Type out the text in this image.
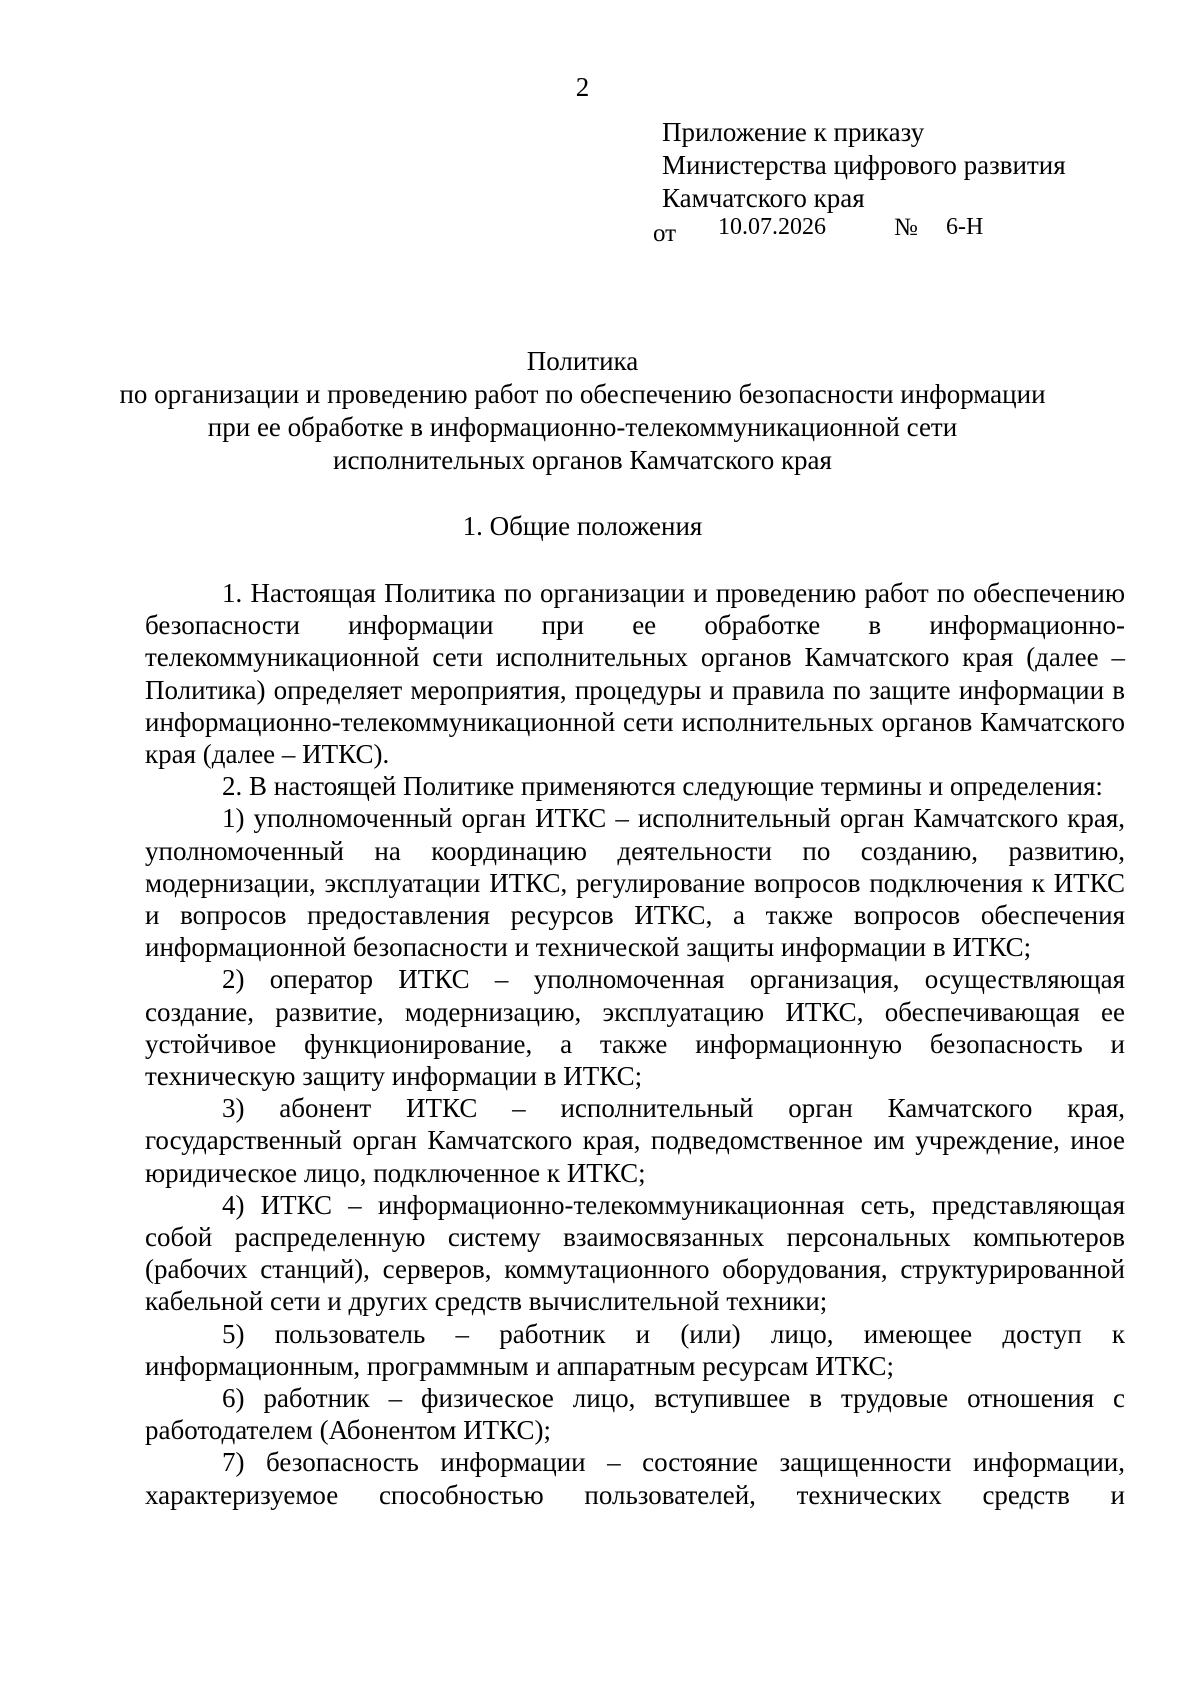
2
Приложение к приказу
Министерства цифрового развития
Камчатского края
от 10.07.2026	№ 6-Н
Политика
по организации и проведению работ по обеспечению безопасности информации
при ее обработке в информационно-телекоммуникационной сети
исполнительных органов Камчатского края
1. Общие положения

1. Настоящая Политика по организации и проведению работ по обеспечению безопасности информации при ее обработке в информационно-телекоммуникационной сети исполнительных органов Камчатского края (далее – Политика) определяет мероприятия, процедуры и правила по защите информации в информационно-телекоммуникационной сети исполнительных органов Камчатского края (далее – ИТКС).

2. В настоящей Политике применяются следующие термины и определения:

1) уполномоченный орган ИТКС – исполнительный орган Камчатского края, уполномоченный на координацию деятельности по созданию, развитию, модернизации, эксплуатации ИТКС, регулирование вопросов подключения к ИТКС и вопросов предоставления ресурсов ИТКС, а также вопросов обеспечения информационной безопасности и технической защиты информации в ИТКС;

2) оператор ИТКС – уполномоченная организация, осуществляющая создание, развитие, модернизацию, эксплуатацию ИТКС, обеспечивающая ее устойчивое функционирование, а также информационную безопасность и техническую защиту информации в ИТКС;

3) абонент ИТКС – исполнительный орган Камчатского края, государственный орган Камчатского края, подведомственное им учреждение, иное юридическое лицо, подключенное к ИТКС;

4) ИТКС – информационно-телекоммуникационная сеть, представляющая собой распределенную систему взаимосвязанных персональных компьютеров (рабочих станций), серверов, коммутационного оборудования, структурированной кабельной сети и других средств вычислительной техники;

5) пользователь – работник и (или) лицо, имеющее доступ к информационным, программным и аппаратным ресурсам ИТКС;

6) работник – физическое лицо, вступившее в трудовые отношения с работодателем (Абонентом ИТКС);

7) безопасность информации – состояние защищенности информации, характеризуемое способностью пользователей, технических средств и
